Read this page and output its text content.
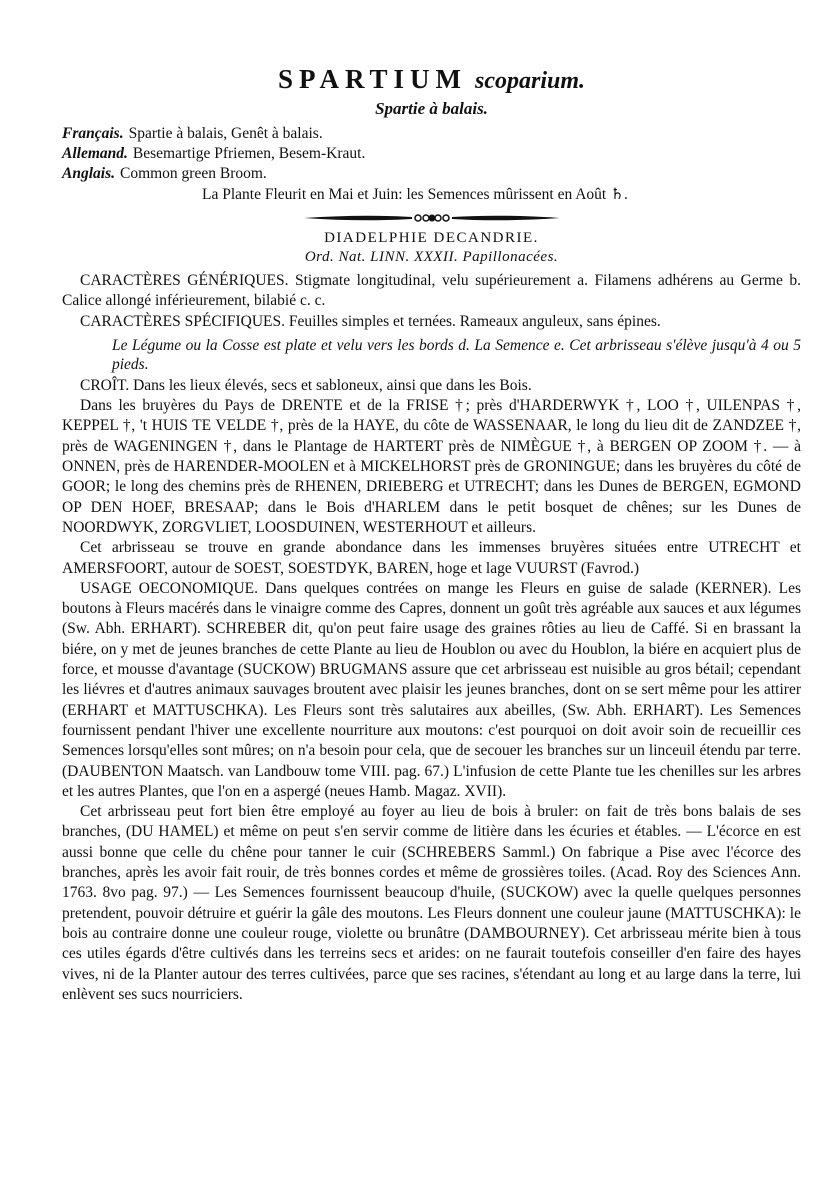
SPARTIUM scoparium.
Spartie à balais.
Français. Spartie à balais, Genêt à balais.
Allemand. Besemartige Pfriemen, Besem-Kraut.
Anglais. Common green Broom.
La Plante Fleurit en Mai et Juin: les Semences mûrissent en Août ♄.
DIADELPHIE DECANDRIE.
Ord. Nat. LINN. XXXII. Papillonacées.

CARACTÈRES GÉNÉRIQUES. Stigmate longitudinal, velu supérieurement a. Filamens adhérens au Germe b. Calice allongé inférieurement, bilabié c. c.

CARACTÈRES SPÉCIFIQUES. Feuilles simples et ternées. Rameaux anguleux, sans épines.

Le Légume ou la Cosse est plate et velu vers les bords d. La Semence e. Cet arbrisseau s'élève jusqu'à 4 ou 5 pieds.

CROÎT. Dans les lieux élevés, secs et sabloneux, ainsi que dans les Bois.

Dans les bruyères du Pays de DRENTE et de la FRISE †; près d'HARDERWYK †, LOO †, UILENPAS †, KEPPEL †, 't HUIS TE VELDE †, près de la HAYE, du côte de WASSENAAR, le long du lieu dit de ZANDZEE †, près de WAGENINGEN †, dans le Plantage de HARTERT près de NIMÈGUE †, à BERGEN OP ZOOM †. — à ONNEN, près de HARENDER-MOOLEN et à MICKELHORST près de GRONINGUE; dans les bruyères du côté de GOOR; le long des chemins près de RHENEN, DRIEBERG et UTRECHT; dans les Dunes de BERGEN, EGMOND OP DEN HOEF, BRESAAP; dans le Bois d'HARLEM dans le petit bosquet de chênes; sur les Dunes de NOORDWYK, ZORGVLIET, LOOSDUINEN, WESTERHOUT et ailleurs.

Cet arbrisseau se trouve en grande abondance dans les immenses bruyères situées entre UTRECHT et AMERSFOORT, autour de SOEST, SOESTDYK, BAREN, hoge et lage VUURST (Favrod.)

USAGE OECONOMIQUE. Dans quelques contrées on mange les Fleurs en guise de salade (KERNER). Les boutons à Fleurs macérés dans le vinaigre comme des Capres, donnent un goût très agréable aux sauces et aux légumes (Sw. Abh. ERHART). SCHREBER dit, qu'on peut faire usage des graines rôties au lieu de Caffé. Si en brassant la biére, on y met de jeunes branches de cette Plante au lieu de Houblon ou avec du Houblon, la biére en acquiert plus de force, et mousse d'avantage (SUCKOW) BRUGMANS assure que cet arbrisseau est nuisible au gros bétail; cependant les liévres et d'autres animaux sauvages broutent avec plaisir les jeunes branches, dont on se sert même pour les attirer (ERHART et MATTUSCHKA). Les Fleurs sont très salutaires aux abeilles, (Sw. Abh. ERHART). Les Semences fournissent pendant l'hiver une excellente nourriture aux moutons: c'est pourquoi on doit avoir soin de recueillir ces Semences lorsqu'elles sont mûres; on n'a besoin pour cela, que de secouer les branches sur un linceuil étendu par terre. (DAUBENTON Maatsch. van Landbouw tome VIII. pag. 67.) L'infusion de cette Plante tue les chenilles sur les arbres et les autres Plantes, que l'on en a aspergé (neues Hamb. Magaz. XVII).

Cet arbrisseau peut fort bien être employé au foyer au lieu de bois à bruler: on fait de très bons balais de ses branches, (DU HAMEL) et même on peut s'en servir comme de litière dans les écuries et étables. — L'écorce en est aussi bonne que celle du chêne pour tanner le cuir (SCHREBERS Samml.) On fabrique a Pise avec l'écorce des branches, après les avoir fait rouir, de très bonnes cordes et même de grossières toiles. (Acad. Roy des Sciences Ann. 1763. 8vo pag. 97.) — Les Semences fournissent beaucoup d'huile, (SUCKOW) avec la quelle quelques personnes pretendent, pouvoir détruire et guérir la gâle des moutons. Les Fleurs donnent une couleur jaune (MATTUSCHKA): le bois au contraire donne une couleur rouge, violette ou brunâtre (DAMBOURNEY). Cet arbrisseau mérite bien à tous ces utiles égards d'être cultivés dans les terreins secs et arides: on ne faurait toutefois conseiller d'en faire des hayes vives, ni de la Planter autour des terres cultivées, parce que ses racines, s'étendant au long et au large dans la terre, lui enlèvent ses sucs nourriciers.
